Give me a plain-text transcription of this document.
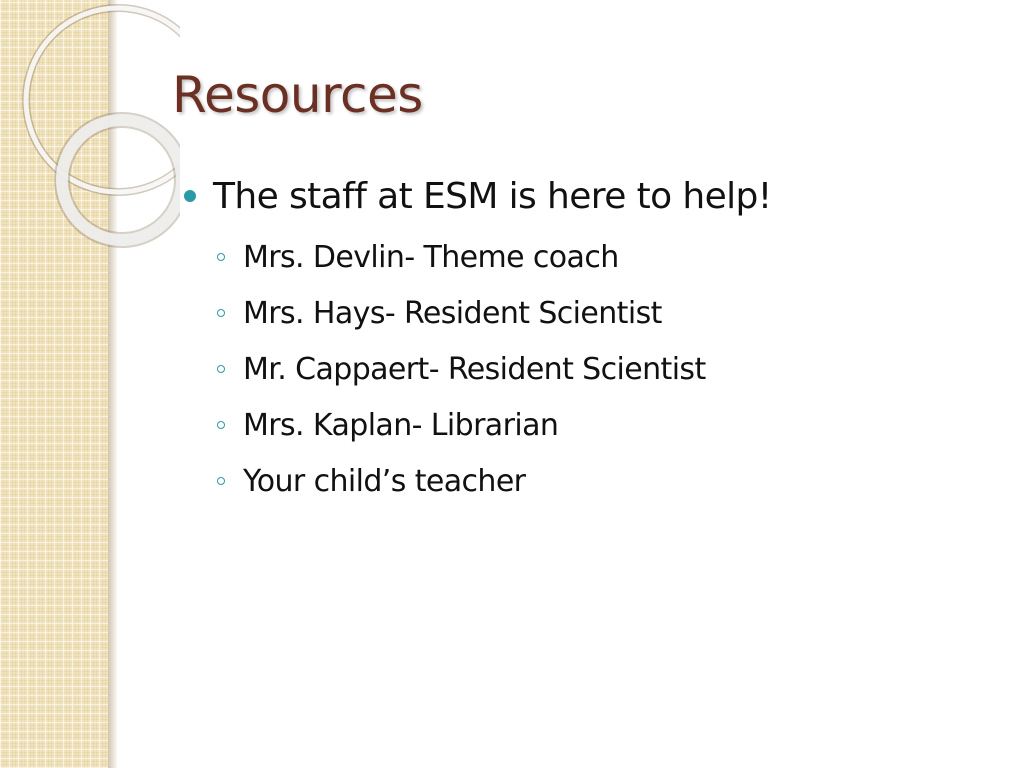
Resources
The staff at ESM is here to help!
Mrs. Devlin- Theme coach
Mrs. Hays- Resident Scientist
Mr. Cappaert- Resident Scientist
Mrs. Kaplan- Librarian
Your child’s teacher
